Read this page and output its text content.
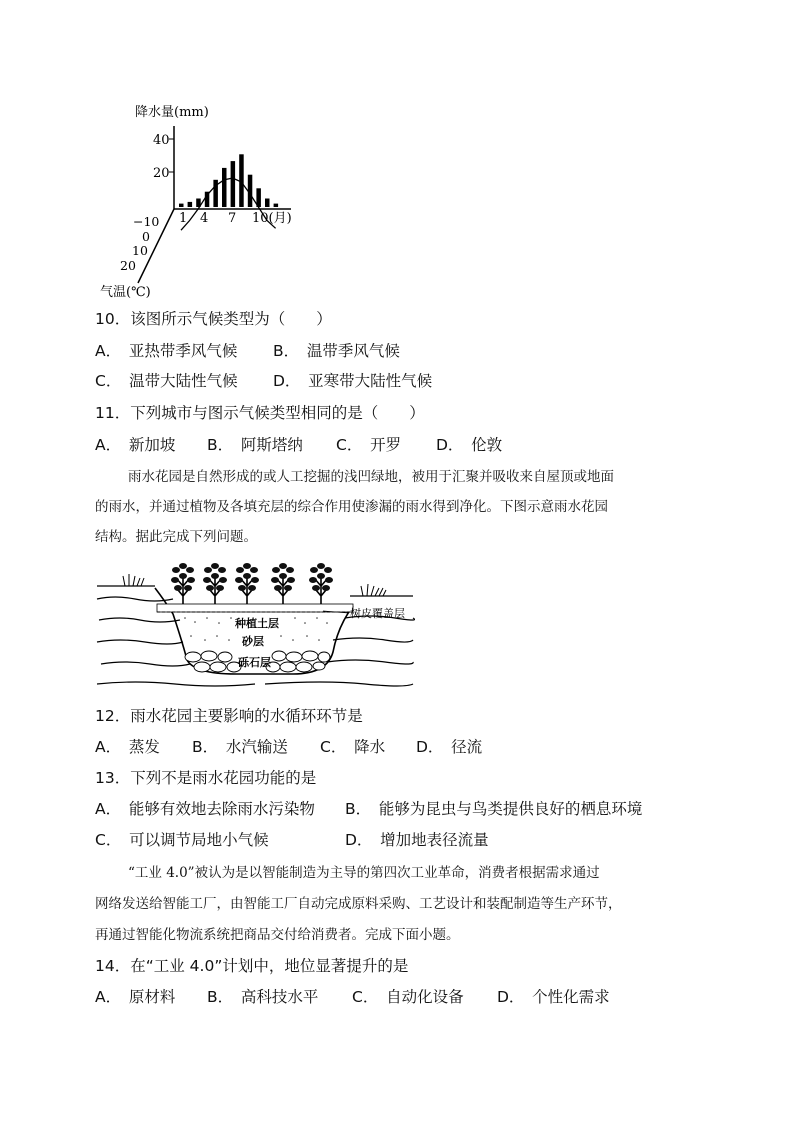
降水量(mm)
40
20
1 4 7 10(月)
−10
0
10
20
气温(℃)
10．该图所示气候类型为（　　）
A．　亚热带季风气候 B．　温带季风气候
C．　温带大陆性气候 D．　亚寒带大陆性气候
11．下列城市与图示气候类型相同的是（　　）
A．　新加坡 B．　阿斯塔纳 C．　开罗 D．　伦敦
雨水花园是自然形成的或人工挖掘的浅凹绿地，被用于汇聚并吸收来自屋顶或地面
的雨水，并通过植物及各填充层的综合作用使渗漏的雨水得到净化。下图示意雨水花园
结构。据此完成下列问题。
树皮覆盖层
种植土层
砂层
砾石层
12．雨水花园主要影响的水循环环节是
A．　蒸发 B．　水汽输送 C．　降水 D．　径流
13．下列不是雨水花园功能的是
A．　能够有效地去除雨水污染物 B．　能够为昆虫与鸟类提供良好的栖息环境
C．　可以调节局地小气候	D．　增加地表径流量
“工业 4.0”被认为是以智能制造为主导的第四次工业革命，消费者根据需求通过
网络发送给智能工厂，由智能工厂自动完成原料采购、工艺设计和装配制造等生产环节，
再通过智能化物流系统把商品交付给消费者。完成下面小题。
14．在“工业 4.0”计划中，地位显著提升的是
A．　原材料 B．　高科技水平 C．　自动化设备 D．　个性化需求
